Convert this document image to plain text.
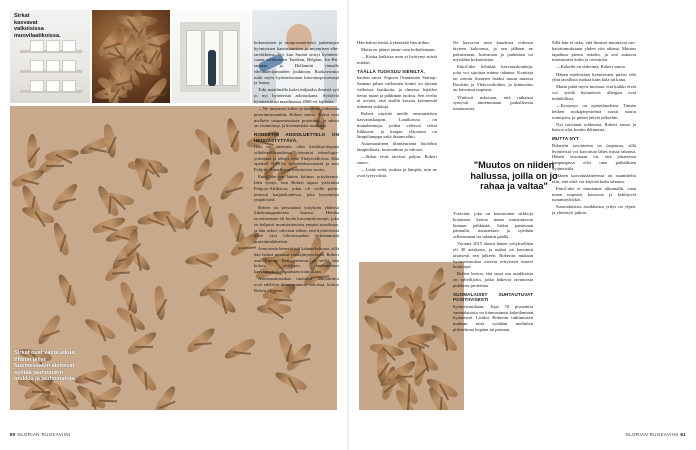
Sirkat kasvavat valkoisissa muovilaatikoissa.
Sirkat ovat vasta alkua. Yhtiön jäljet Suomessakin alettavat syötää jauhopukin toukkia ja jauhomatoja.

kokonaisten ja sataprosenttisesti jauhettujen hyönteisten kasvattamisen ja myymisen elintarvikkeina. Nyt kun Suomi siirtyi hyönteisruuan sallimiseen Tanskan, Belgian, Iso-Britannian ja Hollannin rinnalle edelläkävijämaiden joukkoon, Ruokavirasto tutki myös hyönteisruuan kasvatusprosesseja ja laatua.

Toki maailmalla kaksi miljardia ihmistä syö jo nyt hyönteisiä arkiruokana. Syötäviä hyönteisiä on maailmassa 2000 eri lajiketta.

—Ne tarjoavat aidon ja kestävän ratkaisun proteiininsaantiin, Robert sanoo. Sirkat ovat melkein sataprosenttista proteiinia, ja niissä on vitamiineja ja hivenaineita runsaasti.

ROBERTIN ANSIOLUETTELO ON HENGÄSTYTTÄVÄ.

Hän on aiemmin ollut käsikirjoittajana viihdeteollisuudessa, toiminut teknologiayrittäjänä ja tehnyt töitä Yhdysvalloissa. Hän opiskeli NASAn hyönteiskasvatusta ja asui Pohjois-Amerikassa kaksitoista vuotta.

EntoCube on hänen kolmas yrityksensä. Idea syntyi, kun Robert tapasi ystävänsä Pohjois-Afrikassa; jokin oli vialla perinteisessä karjataloudessa, joka kuormittaa ympäristöä.

Robert on perustanut yrityksen yhdessä liikekumppaniensa kanssa. Heidän tavoitteenaan oli luoda kasvatuskonsepti, joka on helposti monistettavissa ympäri maailmaa, ja hän uskoo vahvasti siihen, että hyönteisistä tulee yksi tulevaisuuden tärkeimmistä proteiininlähteistä.

Armotonta hänestä tuli käännekohtana, sillä hän halusi muuttaa ruokajärjestelmää. Robert asui Espoon Keilaniemessä, ja siellä hän kokosi yrityksen ensimmäiset kasvatusyksiköt vanhaan toimitilaan.

Astronauttiruokaa tuottavat laboratoriot ovat edelleen kiinnostuneita sirkoista, kertoo Robert ylpeänä.

Hän halusi tietää, kykeniskö hän niihin.

Mutta en jäänyt tänne vain kokeilemaan.

—Koska kaikissa muu ei hyötynyt niistä mitään.

TÄÄLLÄ TUOKSUU SIENILTÄ,

haulon sanoi. Espoon Otaniemen Startup-Saunan pihan valkoinen kontti on täynnä valkoisia laatikoita, ja ilmassa leijailee hento maan ja pähkinän tuoksu. Sen ovelta ei arvaisi, että sisällä kasvaa kymmeniä tuhansia sirkkoja.

Robert näyttää meille ensimmäisen kasvatuskaapin. Laatikoissa on munakennoja, joiden väleissä sirkat liikkuvat, ja kaapin yläosassa on lämpölamppu sekä ilmanvaihto.

Automaattinen tilanseuranta huolehtii lämpötilasta, kosteudesta ja valosta.

—Sirkat eivät tarvitse paljon, Robert sanoo.

—Lisää vettä, ruokaa ja lämpöä, niin ne ovat tyytyväisiä.

Ne kasvavat noin kuudessa viikossa täyteen kokoonsa, ja sen jälkeen ne pakastetaan, kuivataan ja jauhetaan tai myydään kokonaisina.

EntoCube kehittää kasvatuskontteja, joita voi sijoittaa minne tahansa. Kontteja on ostettu Suomen lisäksi muun muassa Ruotsiin ja Yhdysvaltoihin, ja kiinnostus on kasvanut nopeasti.

Yhtiössä uskotaan, että ratkaisut syntyvät nimenomaan paikallisesta tuotannosta.

Ystäväni, joka on kasvattanut sirkkoja kotonaan, kertoo maun muistuttavan hieman pähkinää. Sirkat paistetaan pannulla, maustetaan ja syödään sellaisenaan tai salaatin päällä.

Vuonna 2015 alussa hänen yrityksellään oli 30 asiakasta, ja määrä on kasvanut tasaisesti sen jälkeen. Robertin mukaan hyönteisruokaa ostavat erityisesti nuoret kuluttajat.

Robert kertoo, että suuri osa asiakkaista on urheilijoita, jotka hakevat ravinnosta puhdasta proteiinia.

SUOMALAISET SUHTAUTUVAT POSITIIVISESTI

hyönteisruokaan. Jopa 70 prosenttia suomalaisista on kiinnostunut kokeilemaan hyönteisiä. Lisäksi Robertin tutkimusten mukaan niitä syödään mieluiten piilotettuna leipään tai pastaan.

"Muutos on niiden hallussa, joilla on jo rahaa ja valtaa"

Sillä hän ei usko, että ihmiset muuttavat ruokatottumuksiaan yhden yön aikana. Muutos tapahtuu pienin askelin, ja sitä auttavat innostuneet kokit ja ravintolat.

—Kokeilu on tärkeintä, Robert sanoo.

Hänen mielestään hyönteisten pitäisi olla yhtä tavallista ruokaa kuin kala tai kana.

Mutta pitää myös muistaa, että kaikki eivät voi syödä hyönteisiä; allergiat ovat mahdollisia.

—Kysymys on epäreiluudesta. Tämän hetken ruokajärjestelmä suosii suuria toimijoita, ja pienet jäävät jalkoihin.

Nyt tarvitaan rohkeutta, Robert sanoo ja katsoo ulos kontin ikkunasta.

MUTTA NYT

Robertin tavoitteena on laajentaa, sillä hyönteisiä voi kasvattaa lähes missä tahansa. Hänen visionaan on, että jokaisessa kaupungissa olisi oma paikallinen hyönteistila.

Hänen kasvatuslaitteensa on suunniteltu niin, että niitä voi käyttää kuka tahansa.

EntoCube ei muutamat alkumallit, vaan maan nopeasti kasvavat ja kehittyvät tuotantoyksiköt.

Suomalaisista asiakkaista yritys on ylpeä, ja yhteistyö jatkuu.

80 GLORIAN RUOKAVIINI	GLORIAN RUOKAVIINI 81
